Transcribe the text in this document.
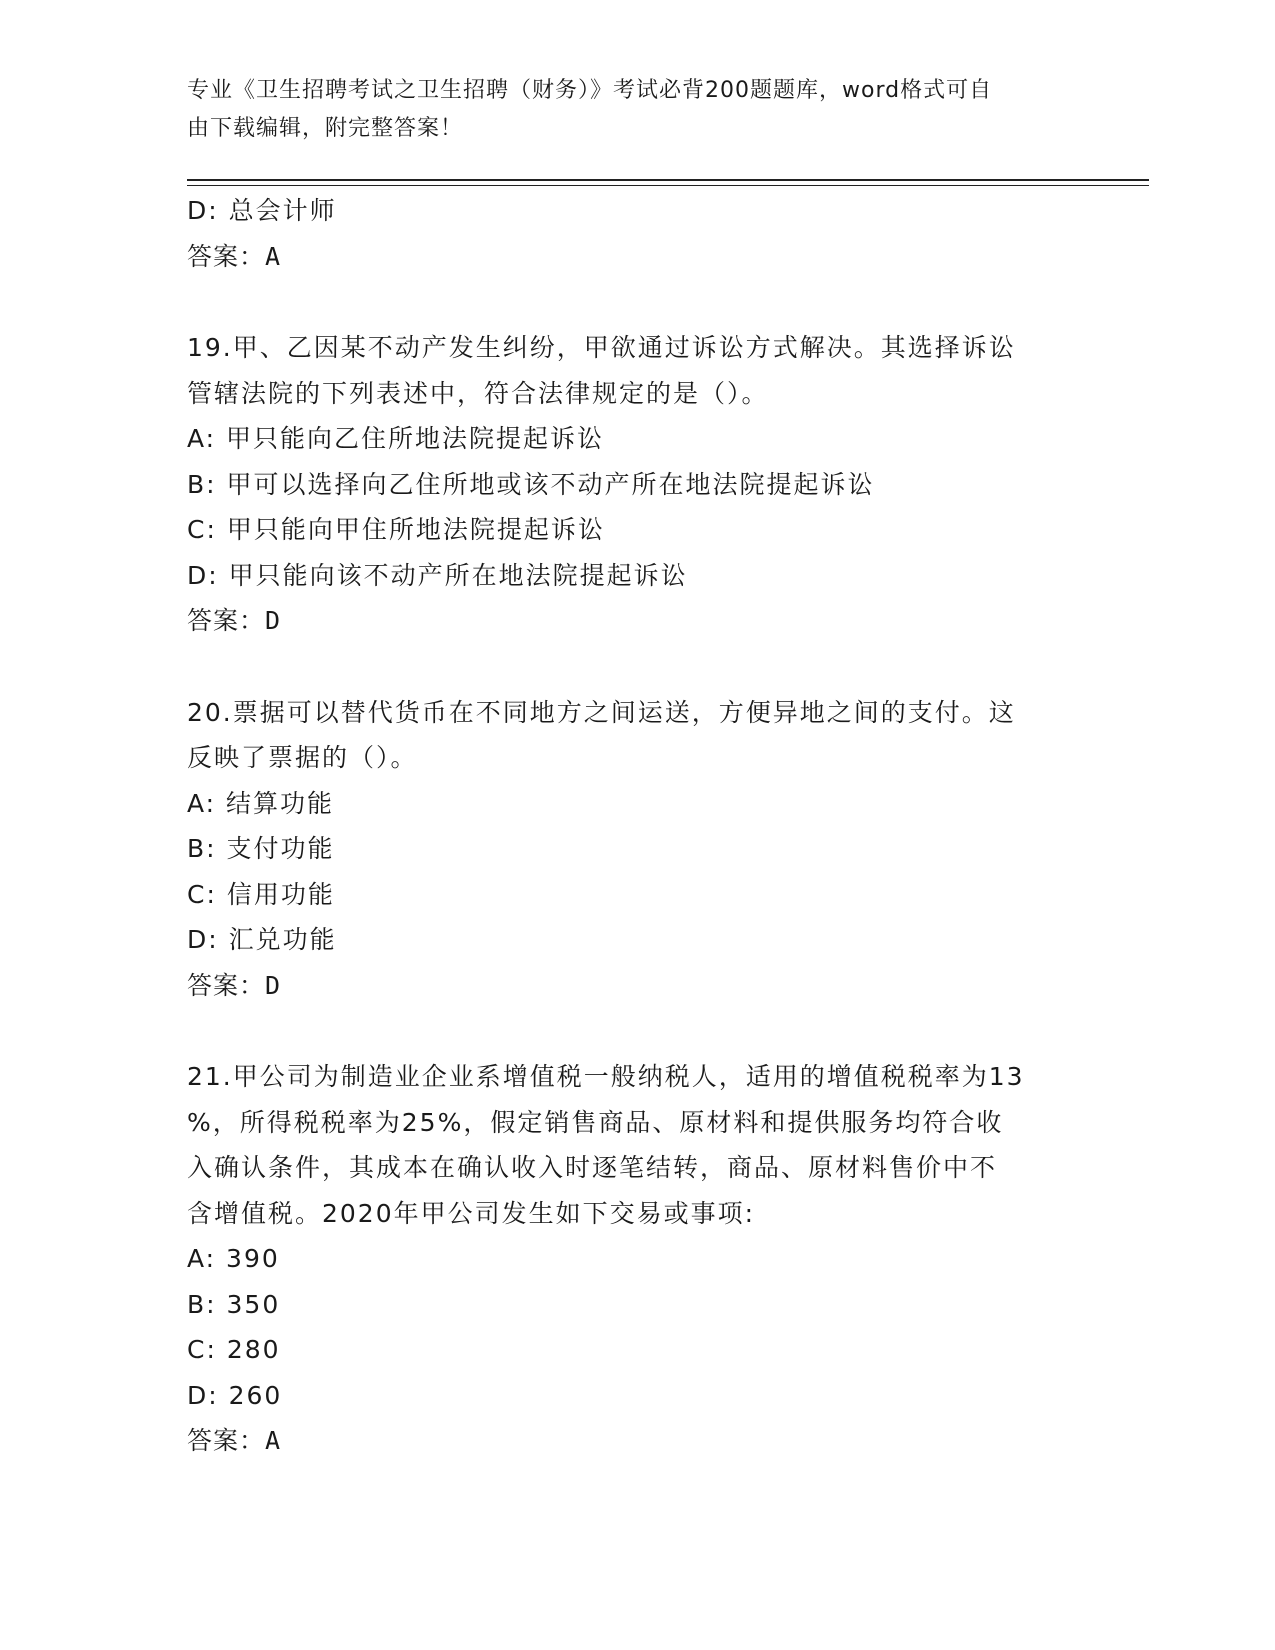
专业《卫生招聘考试之卫生招聘（财务）》考试必背200题题库，word格式可自
由下载编辑，附完整答案！
D: 总会计师
答案：A
19.甲、乙因某不动产发生纠纷，甲欲通过诉讼方式解决。其选择诉讼
管辖法院的下列表述中，符合法律规定的是（）。
A: 甲只能向乙住所地法院提起诉讼
B: 甲可以选择向乙住所地或该不动产所在地法院提起诉讼
C: 甲只能向甲住所地法院提起诉讼
D: 甲只能向该不动产所在地法院提起诉讼
答案：D
20.票据可以替代货币在不同地方之间运送，方便异地之间的支付。这
反映了票据的（）。
A: 结算功能
B: 支付功能
C: 信用功能
D: 汇兑功能
答案：D
21.甲公司为制造业企业系增值税一般纳税人，适用的增值税税率为13
%，所得税税率为25%，假定销售商品、原材料和提供服务均符合收
入确认条件，其成本在确认收入时逐笔结转，商品、原材料售价中不
含增值税。2020年甲公司发生如下交易或事项:
A: 390
B: 350
C: 280
D: 260
答案：A
